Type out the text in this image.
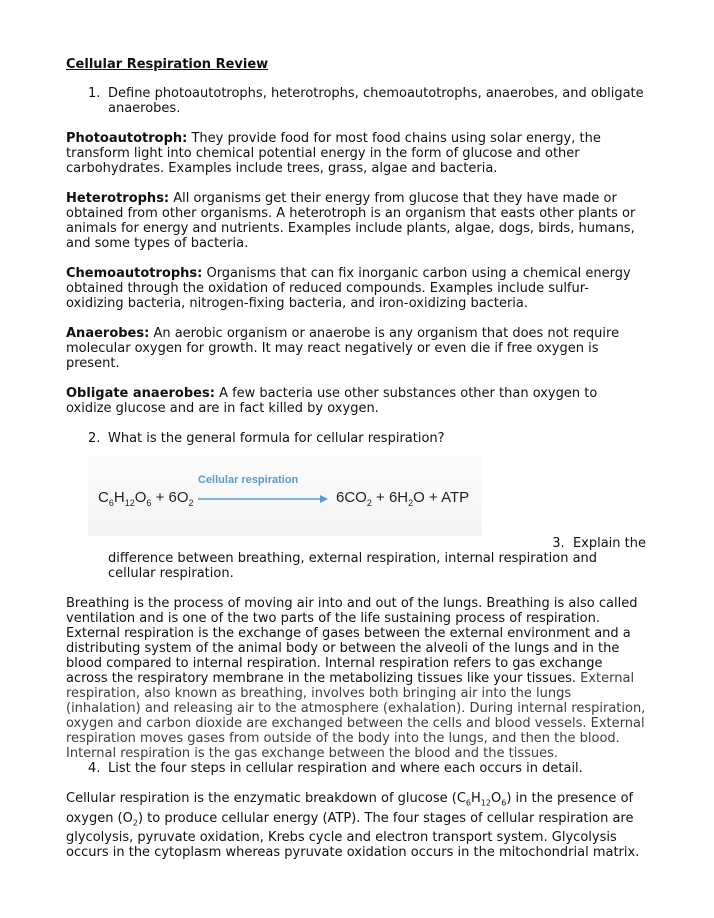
Cellular Respiration Review
1. Define photoautotrophs, heterotrophs, chemoautotrophs, anaerobes, and obligate anaerobes.
Photoautotroph: They provide food for most food chains using solar energy, the transform light into chemical potential energy in the form of glucose and other carbohydrates. Examples include trees, grass, algae and bacteria.
Heterotrophs: All organisms get their energy from glucose that they have made or obtained from other organisms. A heterotroph is an organism that easts other plants or animals for energy and nutrients. Examples include plants, algae, dogs, birds, humans, and some types of bacteria.
Chemoautotrophs: Organisms that can fix inorganic carbon using a chemical energy obtained through the oxidation of reduced compounds. Examples include sulfur-oxidizing bacteria, nitrogen-fixing bacteria, and iron-oxidizing bacteria.
Anaerobes: An aerobic organism or anaerobe is any organism that does not require molecular oxygen for growth. It may react negatively or even die if free oxygen is present.
Obligate anaerobes: A few bacteria use other substances other than oxygen to oxidize glucose and are in fact killed by oxygen.
2. What is the general formula for cellular respiration?
Cellular respiration
$C_6H_{12}O_6 + 6O_2$	$6CO_2 + 6H_2O$ + ATP
3. Explain the
difference between breathing, external respiration, internal respiration and cellular respiration.
Breathing is the process of moving air into and out of the lungs. Breathing is also called ventilation and is one of the two parts of the life sustaining process of respiration. External respiration is the exchange of gases between the external environment and a distributing system of the animal body or between the alveoli of the lungs and in the blood compared to internal respiration. Internal respiration refers to gas exchange across the respiratory membrane in the metabolizing tissues like your tissues. External respiration, also known as breathing, involves both bringing air into the lungs (inhalation) and releasing air to the atmosphere (exhalation). During internal respiration, oxygen and carbon dioxide are exchanged between the cells and blood vessels. External respiration moves gases from outside of the body into the lungs, and then the blood. Internal respiration is the gas exchange between the blood and the tissues.
4. List the four steps in cellular respiration and where each occurs in detail.
Cellular respiration is the enzymatic breakdown of glucose $(C_6H_{12}O_6)$ in the presence of oxygen $(O_2)$ to produce cellular energy (ATP). The four stages of cellular respiration are glycolysis, pyruvate oxidation, Krebs cycle and electron transport system. Glycolysis occurs in the cytoplasm whereas pyruvate oxidation occurs in the mitochondrial matrix.
